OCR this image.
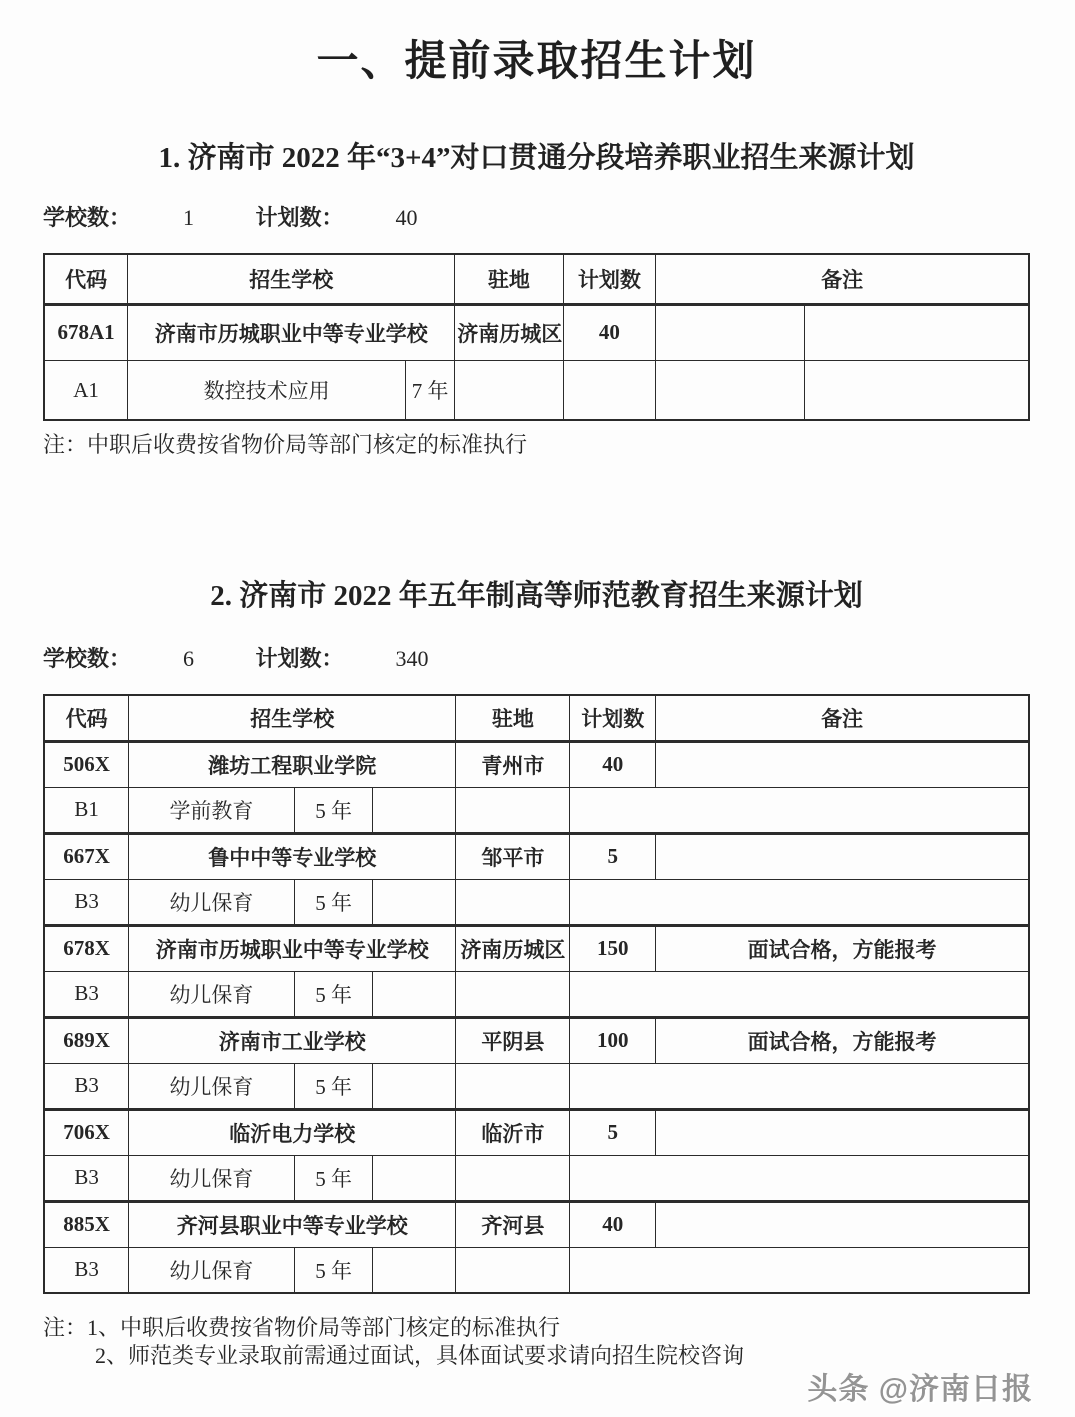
一、提前录取招生计划
1. 济南市 2022 年“3+4”对口贯通分段培养职业招生来源计划
学校数： 1	计划数： 40
代码	招生学校		驻地	计划数	备注	
678A1	济南市历城职业中等专业学校		济南历城区	40		
A1	数控技术应用	7 年				
注：中职后收费按省物价局等部门核定的标准执行
2. 济南市 2022 年五年制高等师范教育招生来源计划
学校数： 6	计划数： 340
代码	招生学校			驻地	计划数	备注
506X	潍坊工程职业学院			青州市	40	
B1	学前教育	5 年				
667X	鲁中中等专业学校			邹平市	5	
B3	幼儿保育	5 年				
678X	济南市历城职业中等专业学校			济南历城区	150	面试合格，方能报考
B3	幼儿保育	5 年				
689X	济南市工业学校			平阴县	100	面试合格，方能报考
B3	幼儿保育	5 年				
706X	临沂电力学校			临沂市	5	
B3	幼儿保育	5 年				
885X	齐河县职业中等专业学校			齐河县	40	
B3	幼儿保育	5 年				
注：1、中职后收费按省物价局等部门核定的标准执行
2、师范类专业录取前需通过面试，具体面试要求请向招生院校咨询
头条 @济南日报
